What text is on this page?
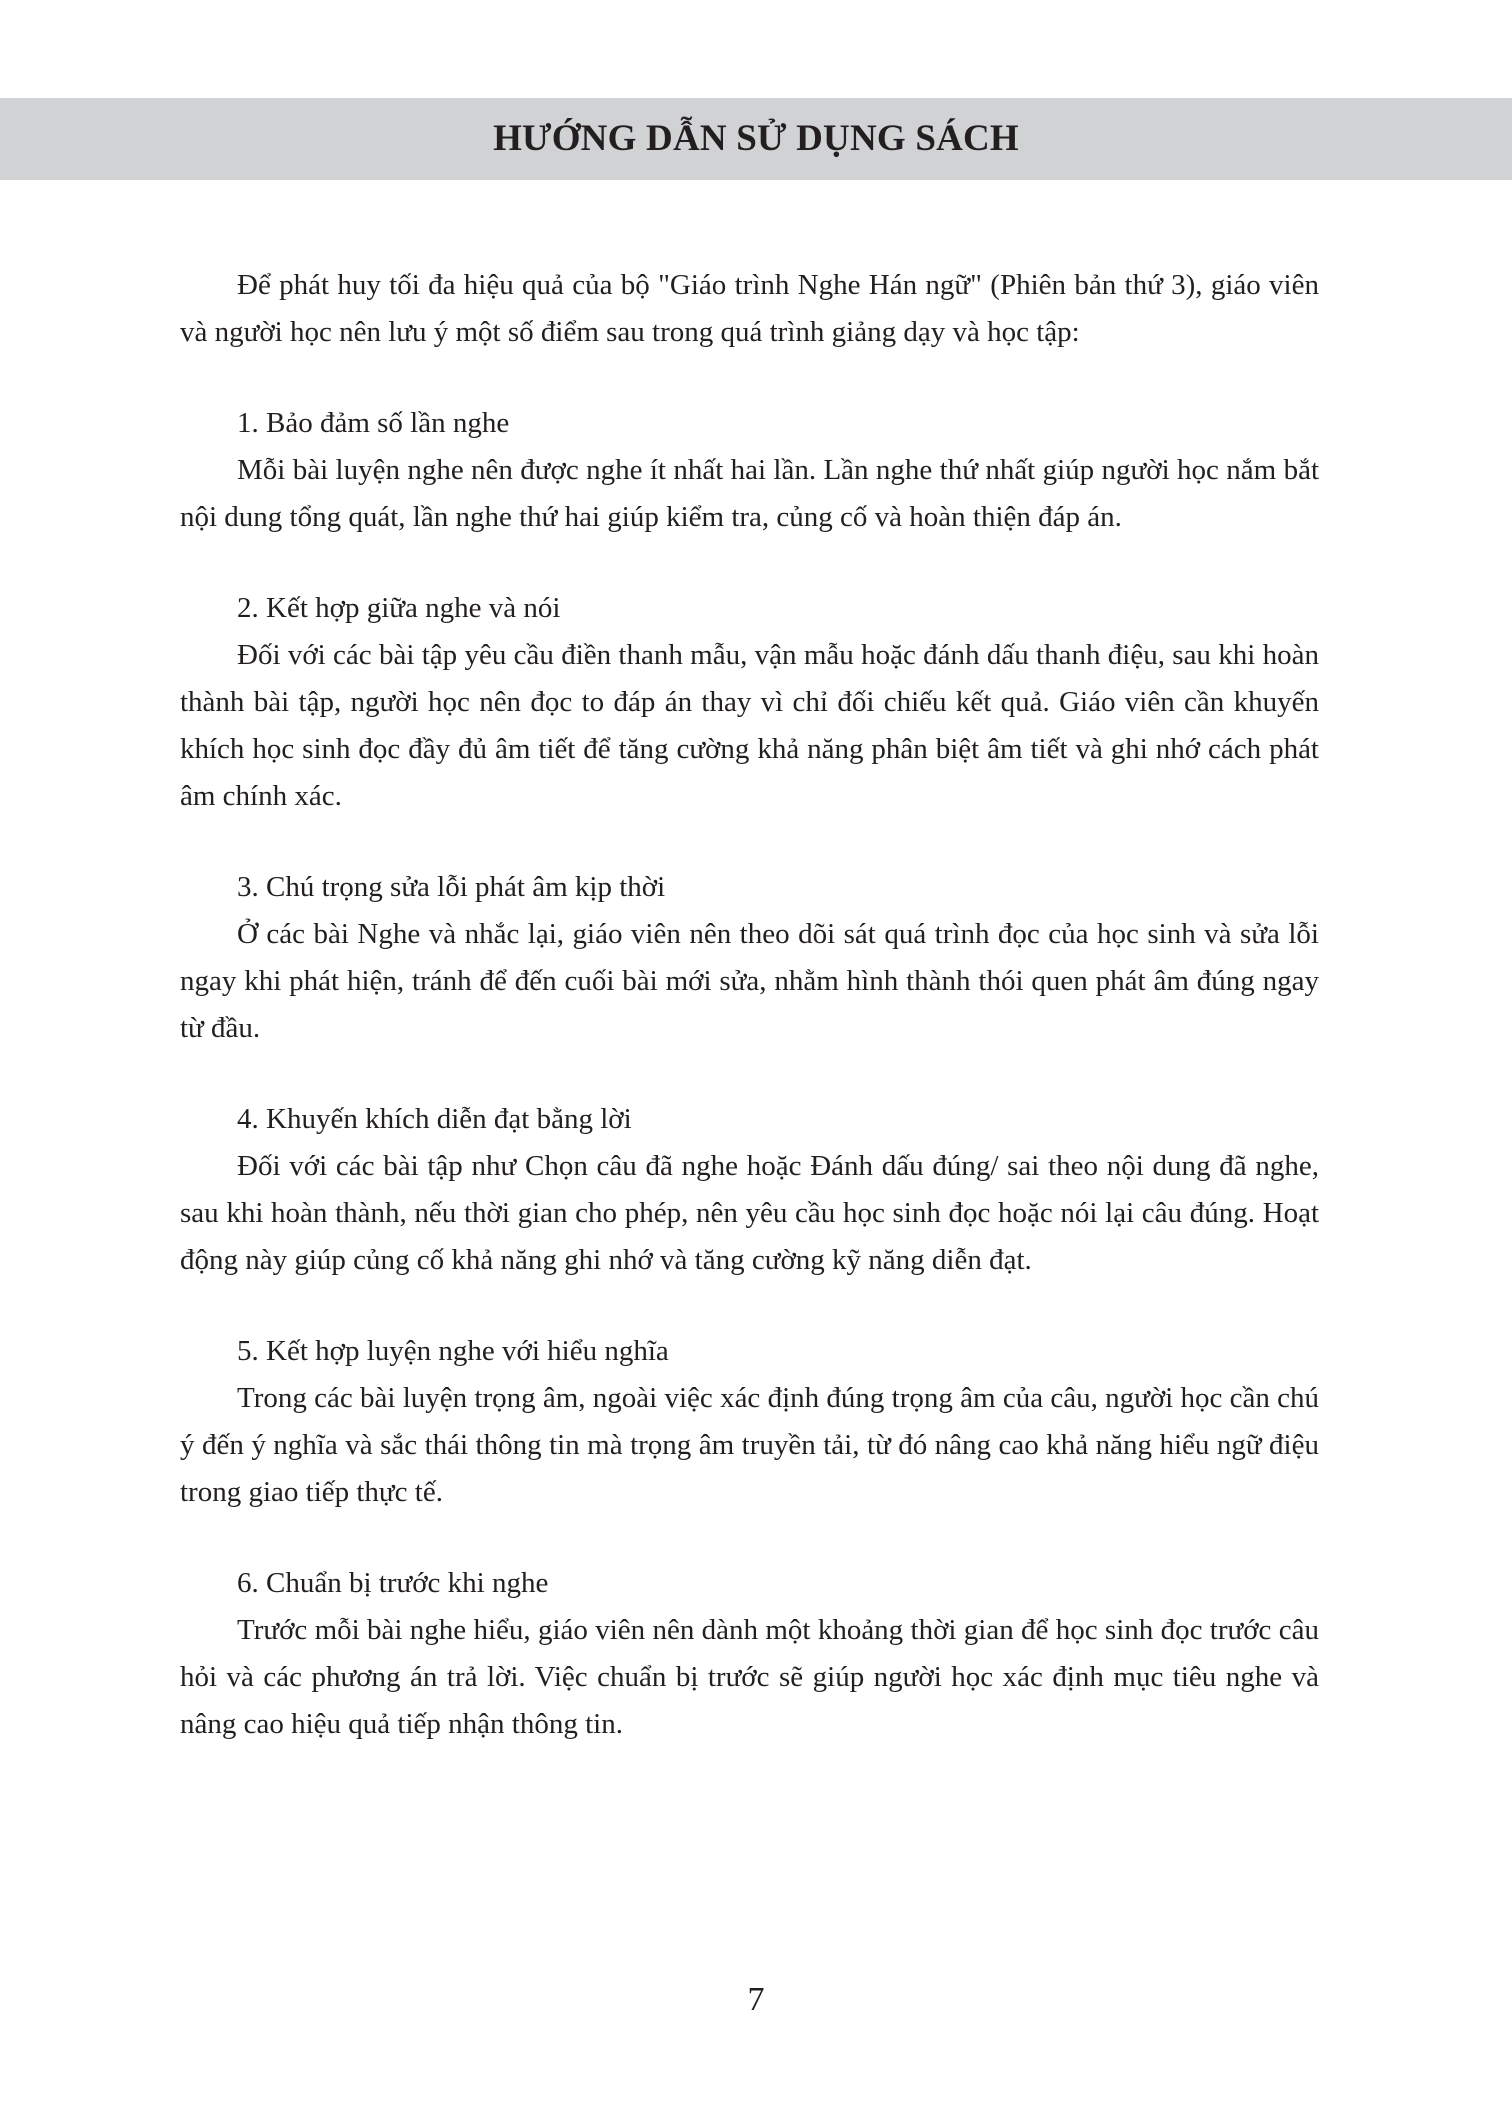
HƯỚNG DẪN SỬ DỤNG SÁCH

Để phát huy tối đa hiệu quả của bộ "Giáo trình Nghe Hán ngữ" (Phiên bản thứ 3), giáo viên và người học nên lưu ý một số điểm sau trong quá trình giảng dạy và học tập:

1. Bảo đảm số lần nghe

Mỗi bài luyện nghe nên được nghe ít nhất hai lần. Lần nghe thứ nhất giúp người học nắm bắt nội dung tổng quát, lần nghe thứ hai giúp kiểm tra, củng cố và hoàn thiện đáp án.

2. Kết hợp giữa nghe và nói

Đối với các bài tập yêu cầu điền thanh mẫu, vận mẫu hoặc đánh dấu thanh điệu, sau khi hoàn thành bài tập, người học nên đọc to đáp án thay vì chỉ đối chiếu kết quả. Giáo viên cần khuyến khích học sinh đọc đầy đủ âm tiết để tăng cường khả năng phân biệt âm tiết và ghi nhớ cách phát âm chính xác.

3. Chú trọng sửa lỗi phát âm kịp thời

Ở các bài Nghe và nhắc lại, giáo viên nên theo dõi sát quá trình đọc của học sinh và sửa lỗi ngay khi phát hiện, tránh để đến cuối bài mới sửa, nhằm hình thành thói quen phát âm đúng ngay từ đầu.

4. Khuyến khích diễn đạt bằng lời

Đối với các bài tập như Chọn câu đã nghe hoặc Đánh dấu đúng/ sai theo nội dung đã nghe, sau khi hoàn thành, nếu thời gian cho phép, nên yêu cầu học sinh đọc hoặc nói lại câu đúng. Hoạt động này giúp củng cố khả năng ghi nhớ và tăng cường kỹ năng diễn đạt.

5. Kết hợp luyện nghe với hiểu nghĩa

Trong các bài luyện trọng âm, ngoài việc xác định đúng trọng âm của câu, người học cần chú ý đến ý nghĩa và sắc thái thông tin mà trọng âm truyền tải, từ đó nâng cao khả năng hiểu ngữ điệu trong giao tiếp thực tế.

6. Chuẩn bị trước khi nghe

Trước mỗi bài nghe hiểu, giáo viên nên dành một khoảng thời gian để học sinh đọc trước câu hỏi và các phương án trả lời. Việc chuẩn bị trước sẽ giúp người học xác định mục tiêu nghe và nâng cao hiệu quả tiếp nhận thông tin.

7
